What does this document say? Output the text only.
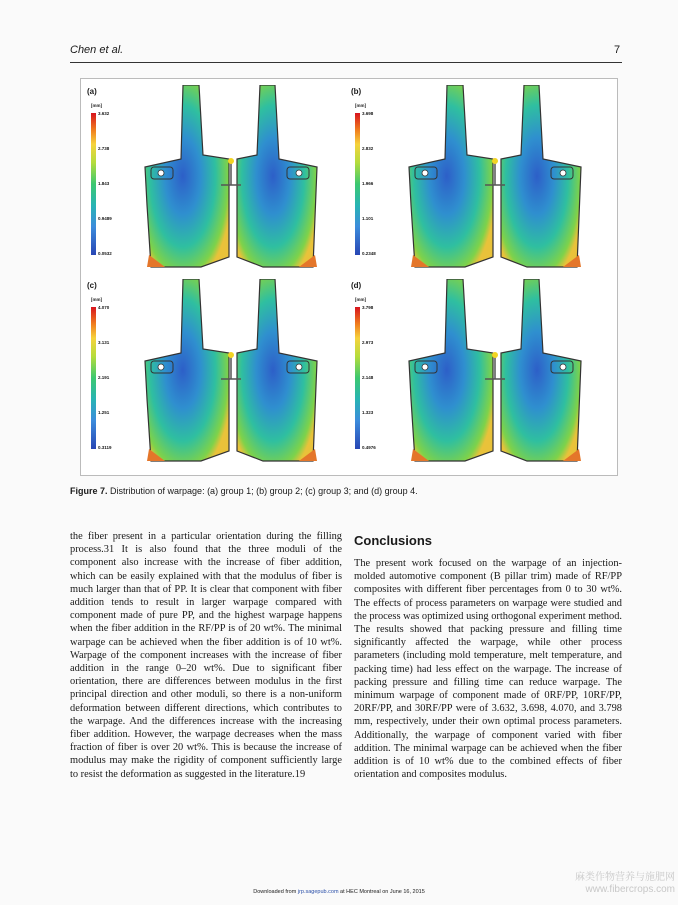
Chen et al.	7
(a)
[mm]
3.632
2.738
1.843
0.9489
0.0532
(b)
[mm]
3.698
2.832
1.966
1.101
0.2348
(c)
[mm]
4.070
3.131
2.191
1.251
0.3119
(d)
[mm]
3.798
2.973
2.148
1.323
0.4976
Figure 7. Distribution of warpage: (a) group 1; (b) group 2; (c) group 3; and (d) group 4.

the fiber present in a particular orientation during the filling process.31 It is also found that the three moduli of the component also increase with the increase of fiber addition, which can be easily explained with that the modulus of fiber is much larger than that of PP. It is clear that component with fiber addition tends to result in larger warpage compared with component made of pure PP, and the highest warpage happens when the fiber addition in the RF/PP is of 20 wt%. The minimal warpage can be achieved when the fiber addition is of 10 wt%. Warpage of the component increases with the increase of fiber addition in the range 0–20 wt%. Due to significant fiber orientation, there are differences between modulus in the first principal direction and other moduli, so there is a non-uniform deformation between different directions, which contributes to the warpage. And the differences increase with the increasing fiber addition. However, the warpage decreases when the mass fraction of fiber is over 20 wt%. This is because the increase of modulus may make the rigidity of component sufficiently large to resist the deformation as suggested in the literature.19

Conclusions

The present work focused on the warpage of an injection-molded automotive component (B pillar trim) made of RF/PP composites with different fiber percentages from 0 to 30 wt%. The effects of process parameters on warpage were studied and the process was optimized using orthogonal experiment method. The results showed that packing pressure and filling time significantly affected the warpage, while other process parameters (including mold temperature, melt temperature, and packing time) had less effect on the warpage. The increase of packing pressure and filling time can reduce warpage. The minimum warpage of component made of 0RF/PP, 10RF/PP, 20RF/PP, and 30RF/PP were of 3.632, 3.698, 4.070, and 3.798 mm, respectively, under their own optimal process parameters. Additionally, the warpage of component varied with fiber addition. The minimal warpage can be achieved when the fiber addition is of 10 wt% due to the combined effects of fiber orientation and composites modulus.

Downloaded from jrp.sagepub.com at HEC Montreal on June 16, 2015
麻类作物营养与施肥网
www.fibercrops.com
